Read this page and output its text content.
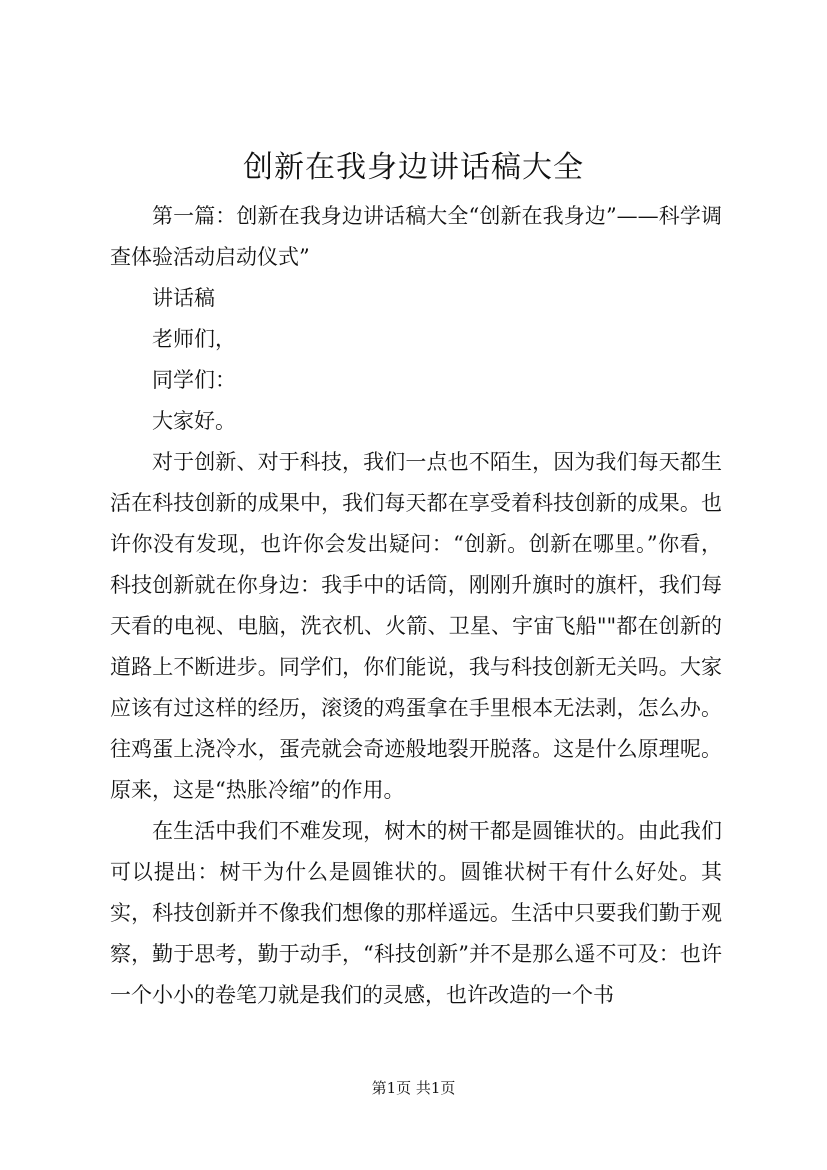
创新在我身边讲话稿大全

第一篇：创新在我身边讲话稿大全“创新在我身边”——科学调查体验活动启动仪式”

讲话稿

老师们，

同学们：

大家好。

对于创新、对于科技，我们一点也不陌生，因为我们每天都生活在科技创新的成果中，我们每天都在享受着科技创新的成果。也许你没有发现，也许你会发出疑问：“创新。创新在哪里。”你看，科技创新就在你身边：我手中的话筒，刚刚升旗时的旗杆，我们每天看的电视、电脑，洗衣机、火箭、卫星、宇宙飞船""都在创新的道路上不断进步。同学们，你们能说，我与科技创新无关吗。大家应该有过这样的经历，滚烫的鸡蛋拿在手里根本无法剥，怎么办。往鸡蛋上浇冷水，蛋壳就会奇迹般地裂开脱落。这是什么原理呢。原来，这是“热胀冷缩”的作用。

在生活中我们不难发现，树木的树干都是圆锥状的。由此我们可以提出：树干为什么是圆锥状的。圆锥状树干有什么好处。其实，科技创新并不像我们想像的那样遥远。生活中只要我们勤于观察，勤于思考，勤于动手，“科技创新”并不是那么遥不可及：也许一个小小的卷笔刀就是我们的灵感，也许改造的一个书

第1页 共1页
